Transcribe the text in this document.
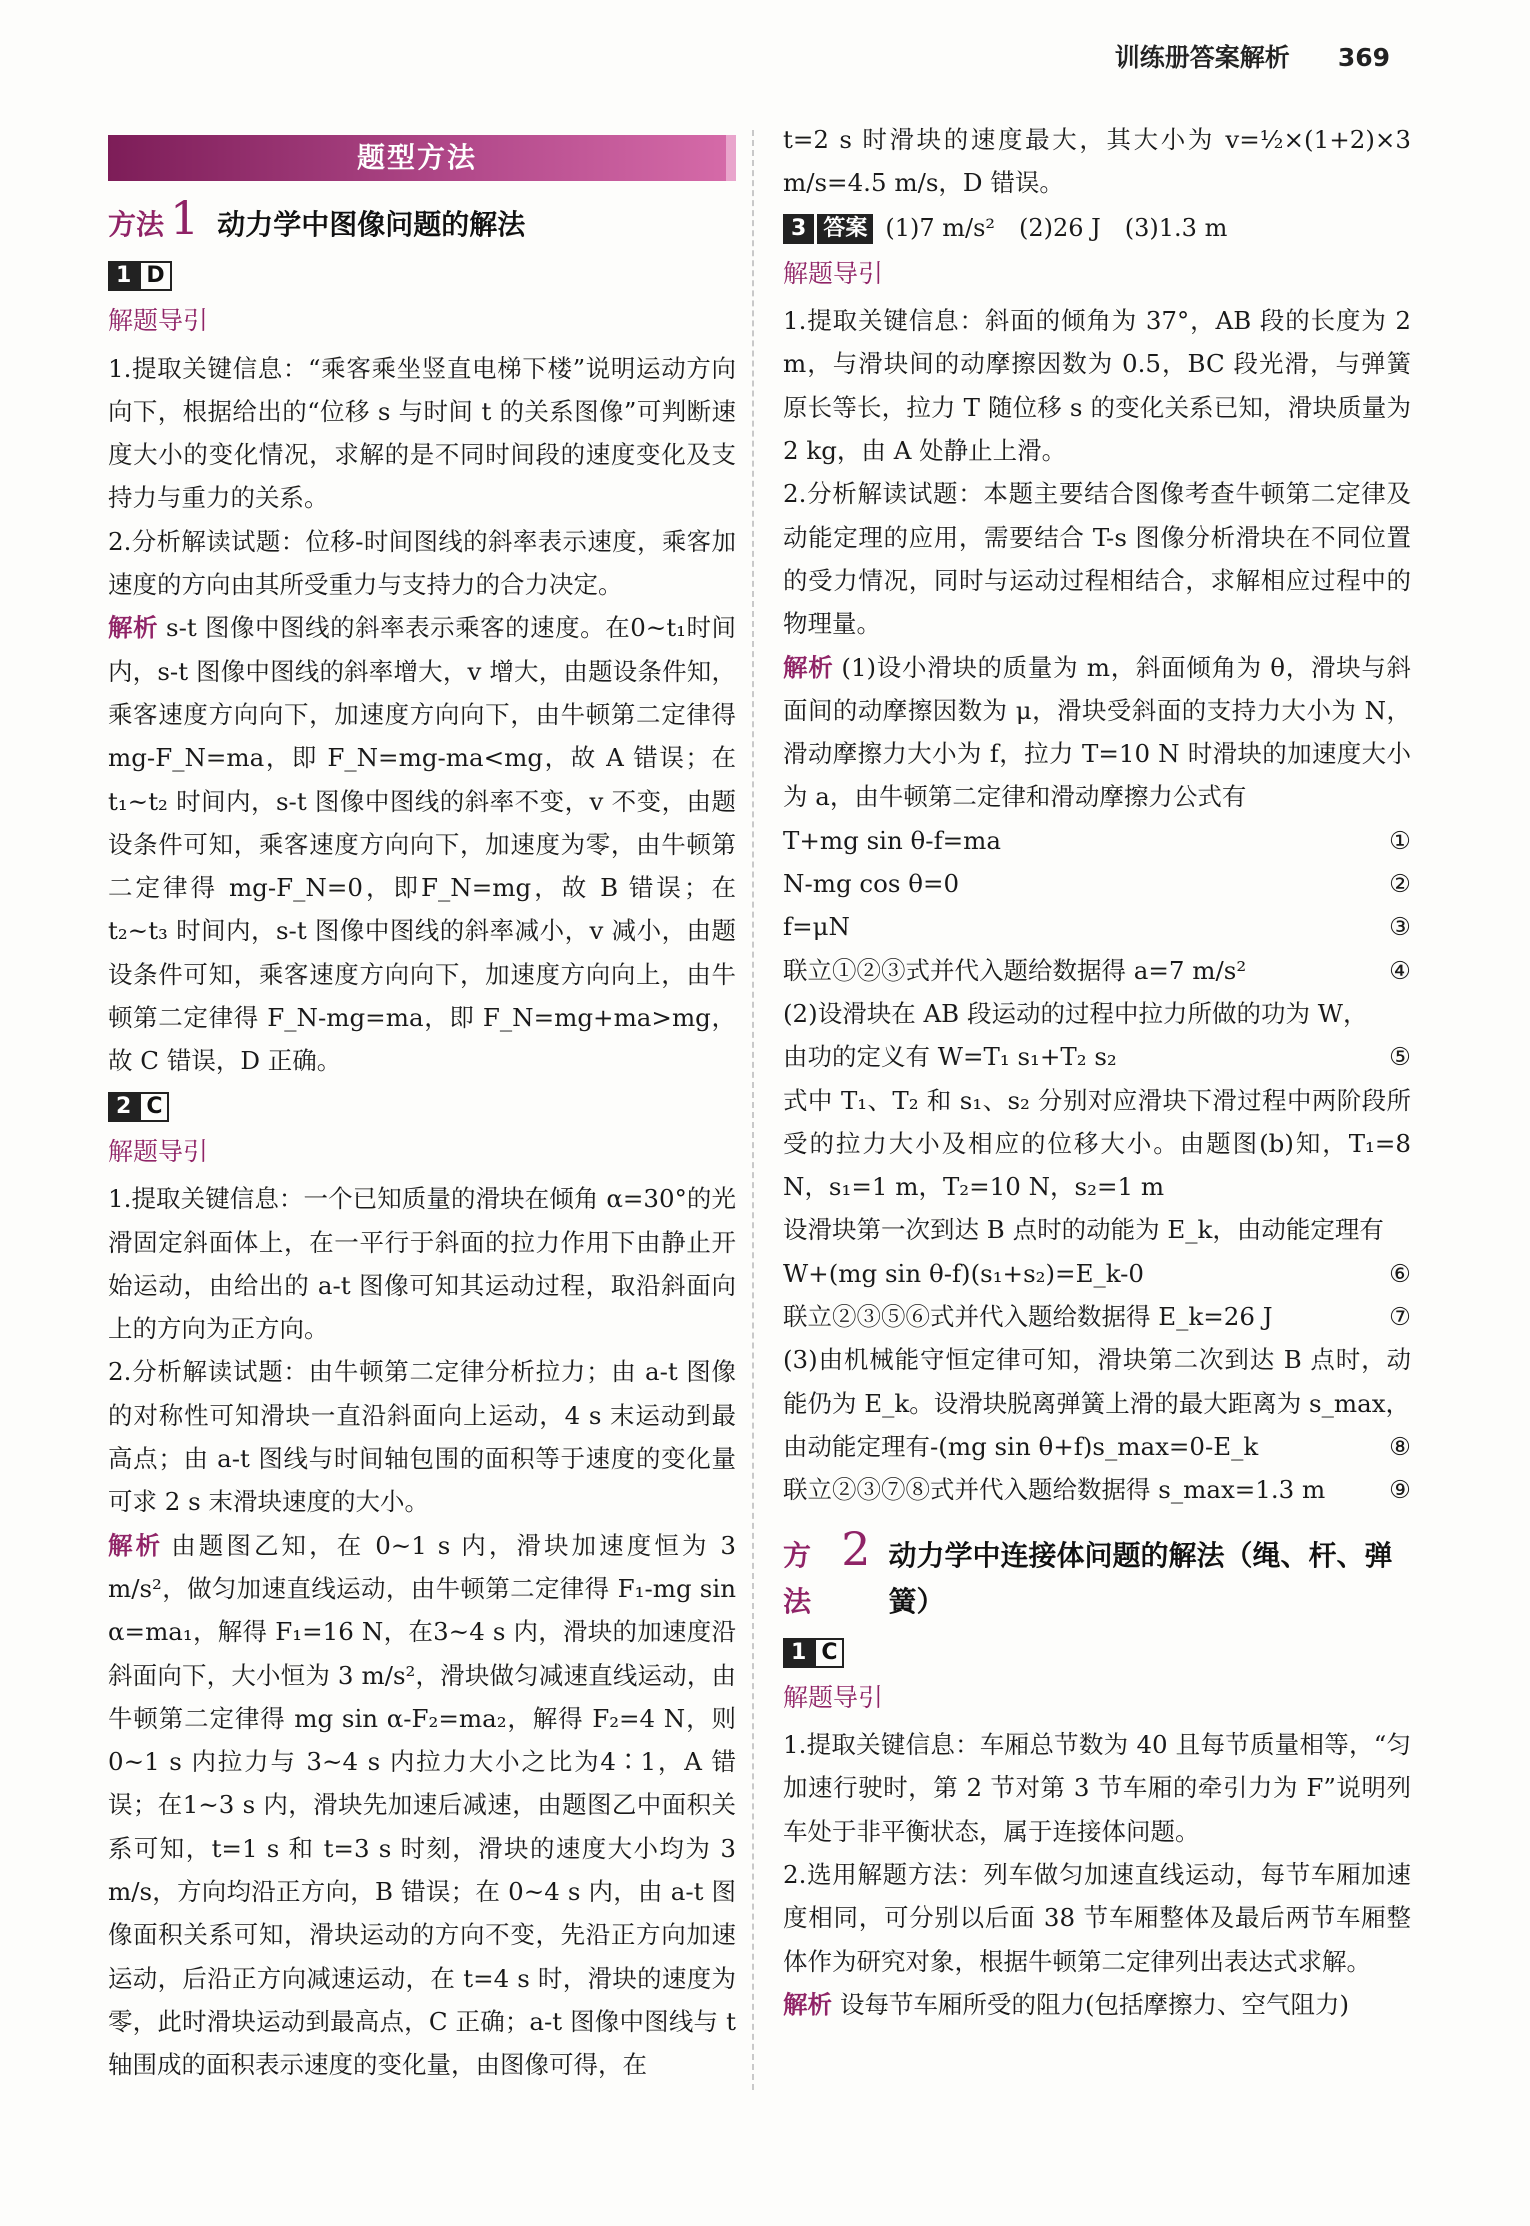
训练册答案解析 369
题型方法
方法 1 动力学中图像问题的解法
1 D
解题导引
1.提取关键信息：“乘客乘坐竖直电梯下楼”说明运动方向向下，根据给出的“位移 s 与时间 t 的关系图像”可判断速度大小的变化情况，求解的是不同时间段的速度变化及支持力与重力的关系。
2.分析解读试题：位移-时间图线的斜率表示速度，乘客加速度的方向由其所受重力与支持力的合力决定。
解析 s-t 图像中图线的斜率表示乘客的速度。在0~t₁时间内，s-t 图像中图线的斜率增大，v 增大，由题设条件知，乘客速度方向向下，加速度方向向下，由牛顿第二定律得 mg-F_N=ma，即 F_N=mg-ma<mg，故 A 错误；在t₁~t₂ 时间内，s-t 图像中图线的斜率不变，v 不变，由题设条件可知，乘客速度方向向下，加速度为零，由牛顿第二定律得 mg-F_N=0，即F_N=mg，故 B 错误；在 t₂~t₃ 时间内，s-t 图像中图线的斜率减小，v 减小，由题设条件可知，乘客速度方向向下，加速度方向向上，由牛顿第二定律得 F_N-mg=ma，即 F_N=mg+ma>mg，故 C 错误，D 正确。
2 C
解题导引
1.提取关键信息：一个已知质量的滑块在倾角 α=30°的光滑固定斜面体上，在一平行于斜面的拉力作用下由静止开始运动，由给出的 a-t 图像可知其运动过程，取沿斜面向上的方向为正方向。
2.分析解读试题：由牛顿第二定律分析拉力；由 a-t 图像的对称性可知滑块一直沿斜面向上运动，4 s 末运动到最高点；由 a-t 图线与时间轴包围的面积等于速度的变化量可求 2 s 末滑块速度的大小。
解析 由题图乙知，在 0~1 s 内，滑块加速度恒为 3 m/s²，做匀加速直线运动，由牛顿第二定律得 F₁-mg sin α=ma₁，解得 F₁=16 N，在3~4 s 内，滑块的加速度沿斜面向下，大小恒为 3 m/s²，滑块做匀减速直线运动，由牛顿第二定律得 mg sin α-F₂=ma₂，解得 F₂=4 N，则 0~1 s 内拉力与 3~4 s 内拉力大小之比为4∶1，A 错误；在1~3 s 内，滑块先加速后减速，由题图乙中面积关系可知，t=1 s 和 t=3 s 时刻，滑块的速度大小均为 3 m/s，方向均沿正方向，B 错误；在 0~4 s 内，由 a-t 图像面积关系可知，滑块运动的方向不变，先沿正方向加速运动，后沿正方向减速运动，在 t=4 s 时，滑块的速度为零，此时滑块运动到最高点，C 正确；a-t 图像中图线与 t 轴围成的面积表示速度的变化量，由图像可得，在
t=2 s 时滑块的速度最大，其大小为 v=½×(1+2)×3 m/s=4.5 m/s，D 错误。
3 答案 (1)7 m/s²　(2)26 J　(3)1.3 m
解题导引
1.提取关键信息：斜面的倾角为 37°，AB 段的长度为 2 m，与滑块间的动摩擦因数为 0.5，BC 段光滑，与弹簧原长等长，拉力 T 随位移 s 的变化关系已知，滑块质量为2 kg，由 A 处静止上滑。
2.分析解读试题：本题主要结合图像考查牛顿第二定律及动能定理的应用，需要结合 T-s 图像分析滑块在不同位置的受力情况，同时与运动过程相结合，求解相应过程中的物理量。
解析 (1)设小滑块的质量为 m，斜面倾角为 θ，滑块与斜面间的动摩擦因数为 μ，滑块受斜面的支持力大小为 N，滑动摩擦力大小为 f，拉力 T=10 N 时滑块的加速度大小为 a，由牛顿第二定律和滑动摩擦力公式有
T+mg sin θ-f=ma	①
N-mg cos θ=0	②
f=μN	③
联立①②③式并代入题给数据得 a=7 m/s²	④
(2)设滑块在 AB 段运动的过程中拉力所做的功为 W，
由功的定义有 W=T₁ s₁+T₂ s₂	⑤
式中 T₁、T₂ 和 s₁、s₂ 分别对应滑块下滑过程中两阶段所受的拉力大小及相应的位移大小。由题图(b)知，T₁=8 N，s₁=1 m，T₂=10 N，s₂=1 m
设滑块第一次到达 B 点时的动能为 E_k，由动能定理有
W+(mg sin θ-f)(s₁+s₂)=E_k-0	⑥
联立②③⑤⑥式并代入题给数据得 E_k=26 J	⑦
(3)由机械能守恒定律可知，滑块第二次到达 B 点时，动能仍为 E_k。设滑块脱离弹簧上滑的最大距离为 s_max，
由动能定理有-(mg sin θ+f)s_max=0-E_k	⑧
联立②③⑦⑧式并代入题给数据得 s_max=1.3 m	⑨
方法
2 动力学中连接体问题的解法（绳、杆、弹簧）
1 C
解题导引
1.提取关键信息：车厢总节数为 40 且每节质量相等，“匀加速行驶时，第 2 节对第 3 节车厢的牵引力为 F”说明列车处于非平衡状态，属于连接体问题。
2.选用解题方法：列车做匀加速直线运动，每节车厢加速度相同，可分别以后面 38 节车厢整体及最后两节车厢整体作为研究对象，根据牛顿第二定律列出表达式求解。
解析 设每节车厢所受的阻力(包括摩擦力、空气阻力)
